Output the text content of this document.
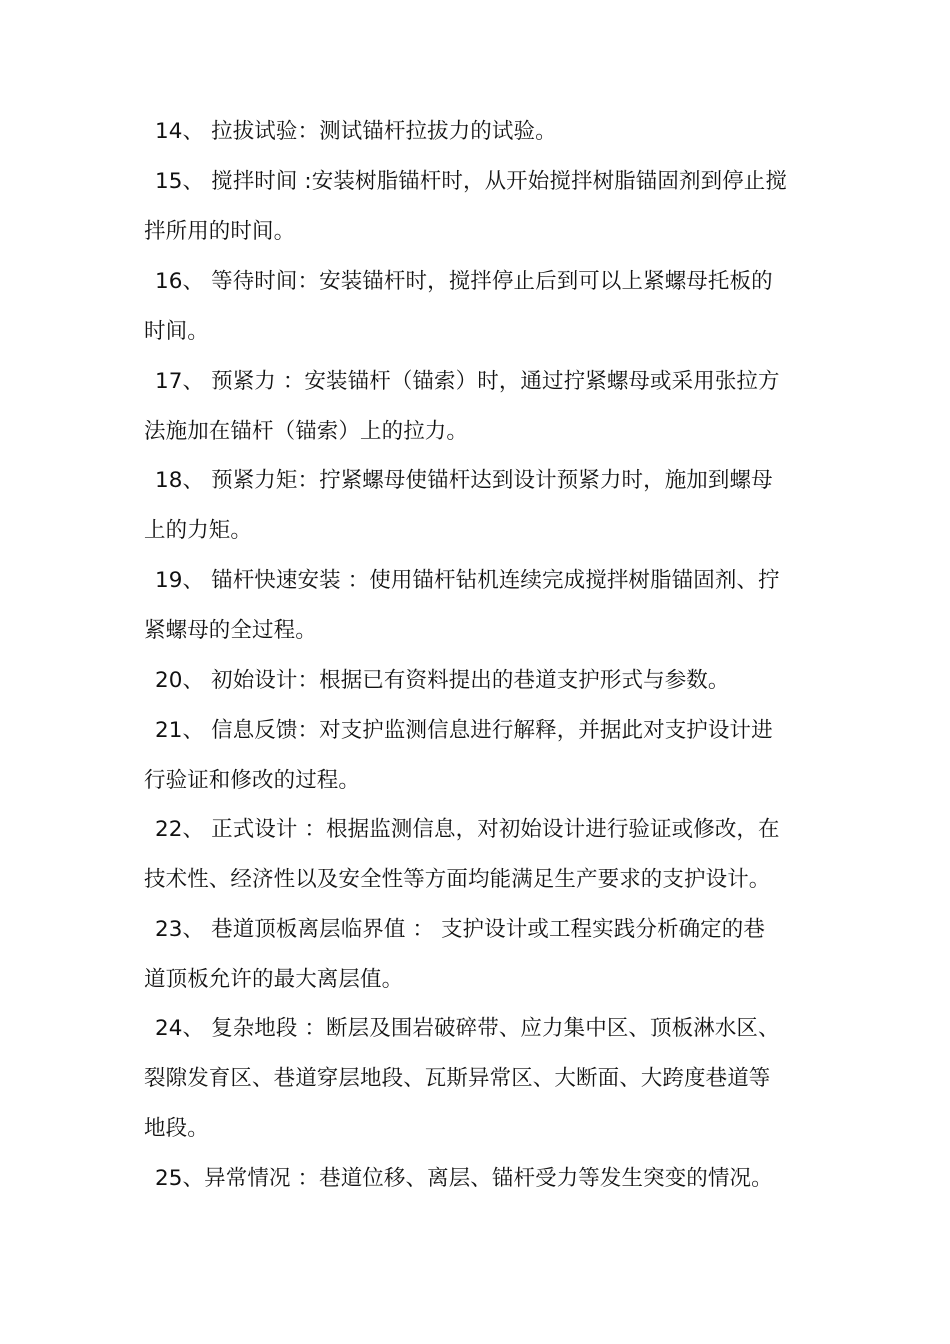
14、 拉拔试验：测试锚杆拉拔力的试验。
15、 搅拌时间 :安装树脂锚杆时，从开始搅拌树脂锚固剂到停止搅
拌所用的时间。
16、 等待时间：安装锚杆时，搅拌停止后到可以上紧螺母托板的
时间。
17、 预紧力 ：安装锚杆（锚索）时，通过拧紧螺母或采用张拉方
法施加在锚杆（锚索）上的拉力。
18、 预紧力矩：拧紧螺母使锚杆达到设计预紧力时，施加到螺母
上的力矩。
19、 锚杆快速安装 ：使用锚杆钻机连续完成搅拌树脂锚固剂、拧
紧螺母的全过程。
20、 初始设计：根据已有资料提出的巷道支护形式与参数。
21、 信息反馈：对支护监测信息进行解释，并据此对支护设计进
行验证和修改的过程。
22、 正式设计 ：根据监测信息，对初始设计进行验证或修改，在
技术性、经济性以及安全性等方面均能满足生产要求的支护设计。
23、 巷道顶板离层临界值 ： 支护设计或工程实践分析确定的巷
道顶板允许的最大离层值。
24、 复杂地段 ：断层及围岩破碎带、应力集中区、顶板淋水区、
裂隙发育区、巷道穿层地段、瓦斯异常区、大断面、大跨度巷道等
地段。
25、异常情况 ：巷道位移、离层、锚杆受力等发生突变的情况。
